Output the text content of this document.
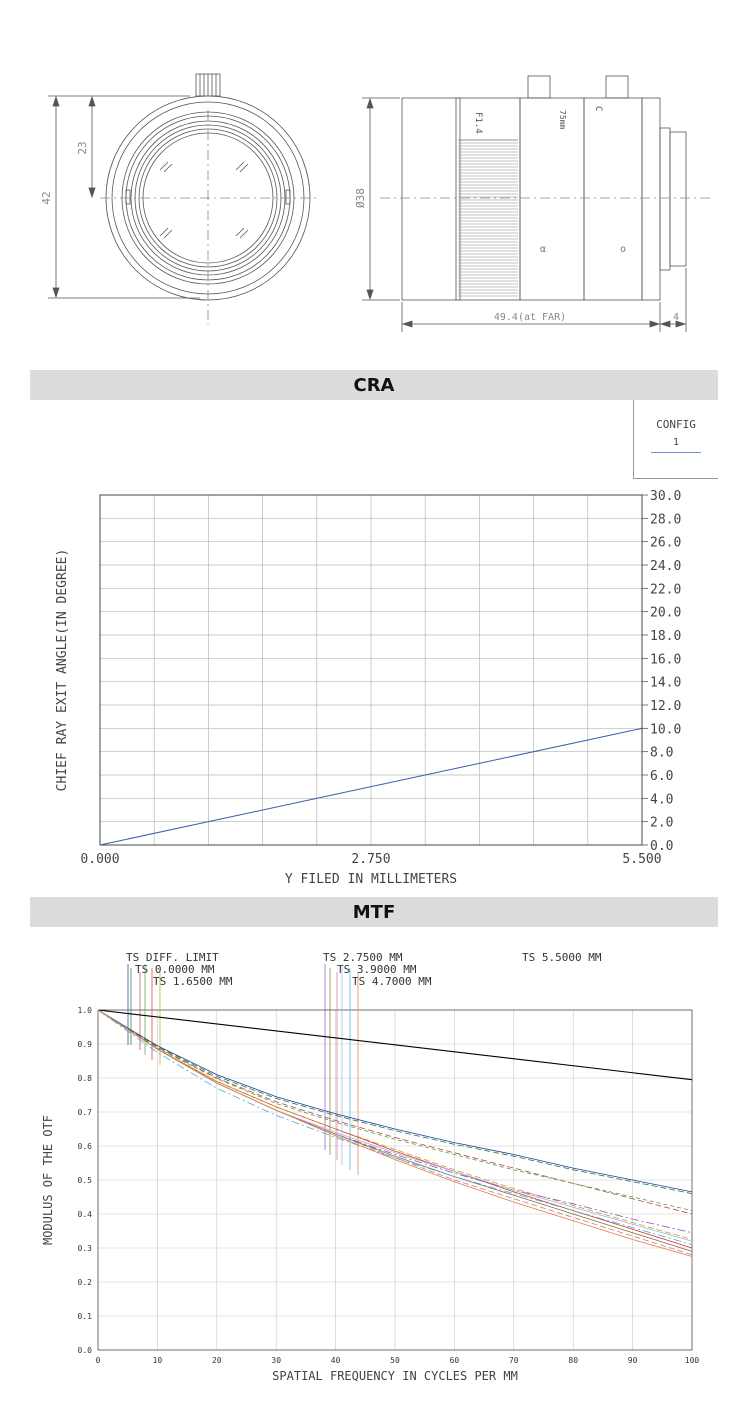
42
23
Ø38
49.4(at FAR)	4
F1.4	75mm
C
α	ο
CRA
CONFIG
1
0.0
2.0
4.0
6.0
8.0
10.0
12.0
14.0
16.0
18.0
20.0
22.0
24.0
26.0
28.0
30.0
0.000	2.750	5.500
Y FILED IN MILLIMETERS
CHIEF RAY EXIT ANGLE(IN DEGREE)
MTF
0	10	20	30	40	50	60	70	80	90	100
0.0
0.1
0.2
0.3
0.4
0.5
0.6
0.7
0.8
0.9
1.0
SPATIAL FREQUENCY IN CYCLES PER MM
MODULUS OF THE OTF
TS DIFF. LIMIT
TS 0.0000 MM
TS 1.6500 MM
TS 2.7500 MM
TS 3.9000 MM
TS 4.7000 MM
TS 5.5000 MM
